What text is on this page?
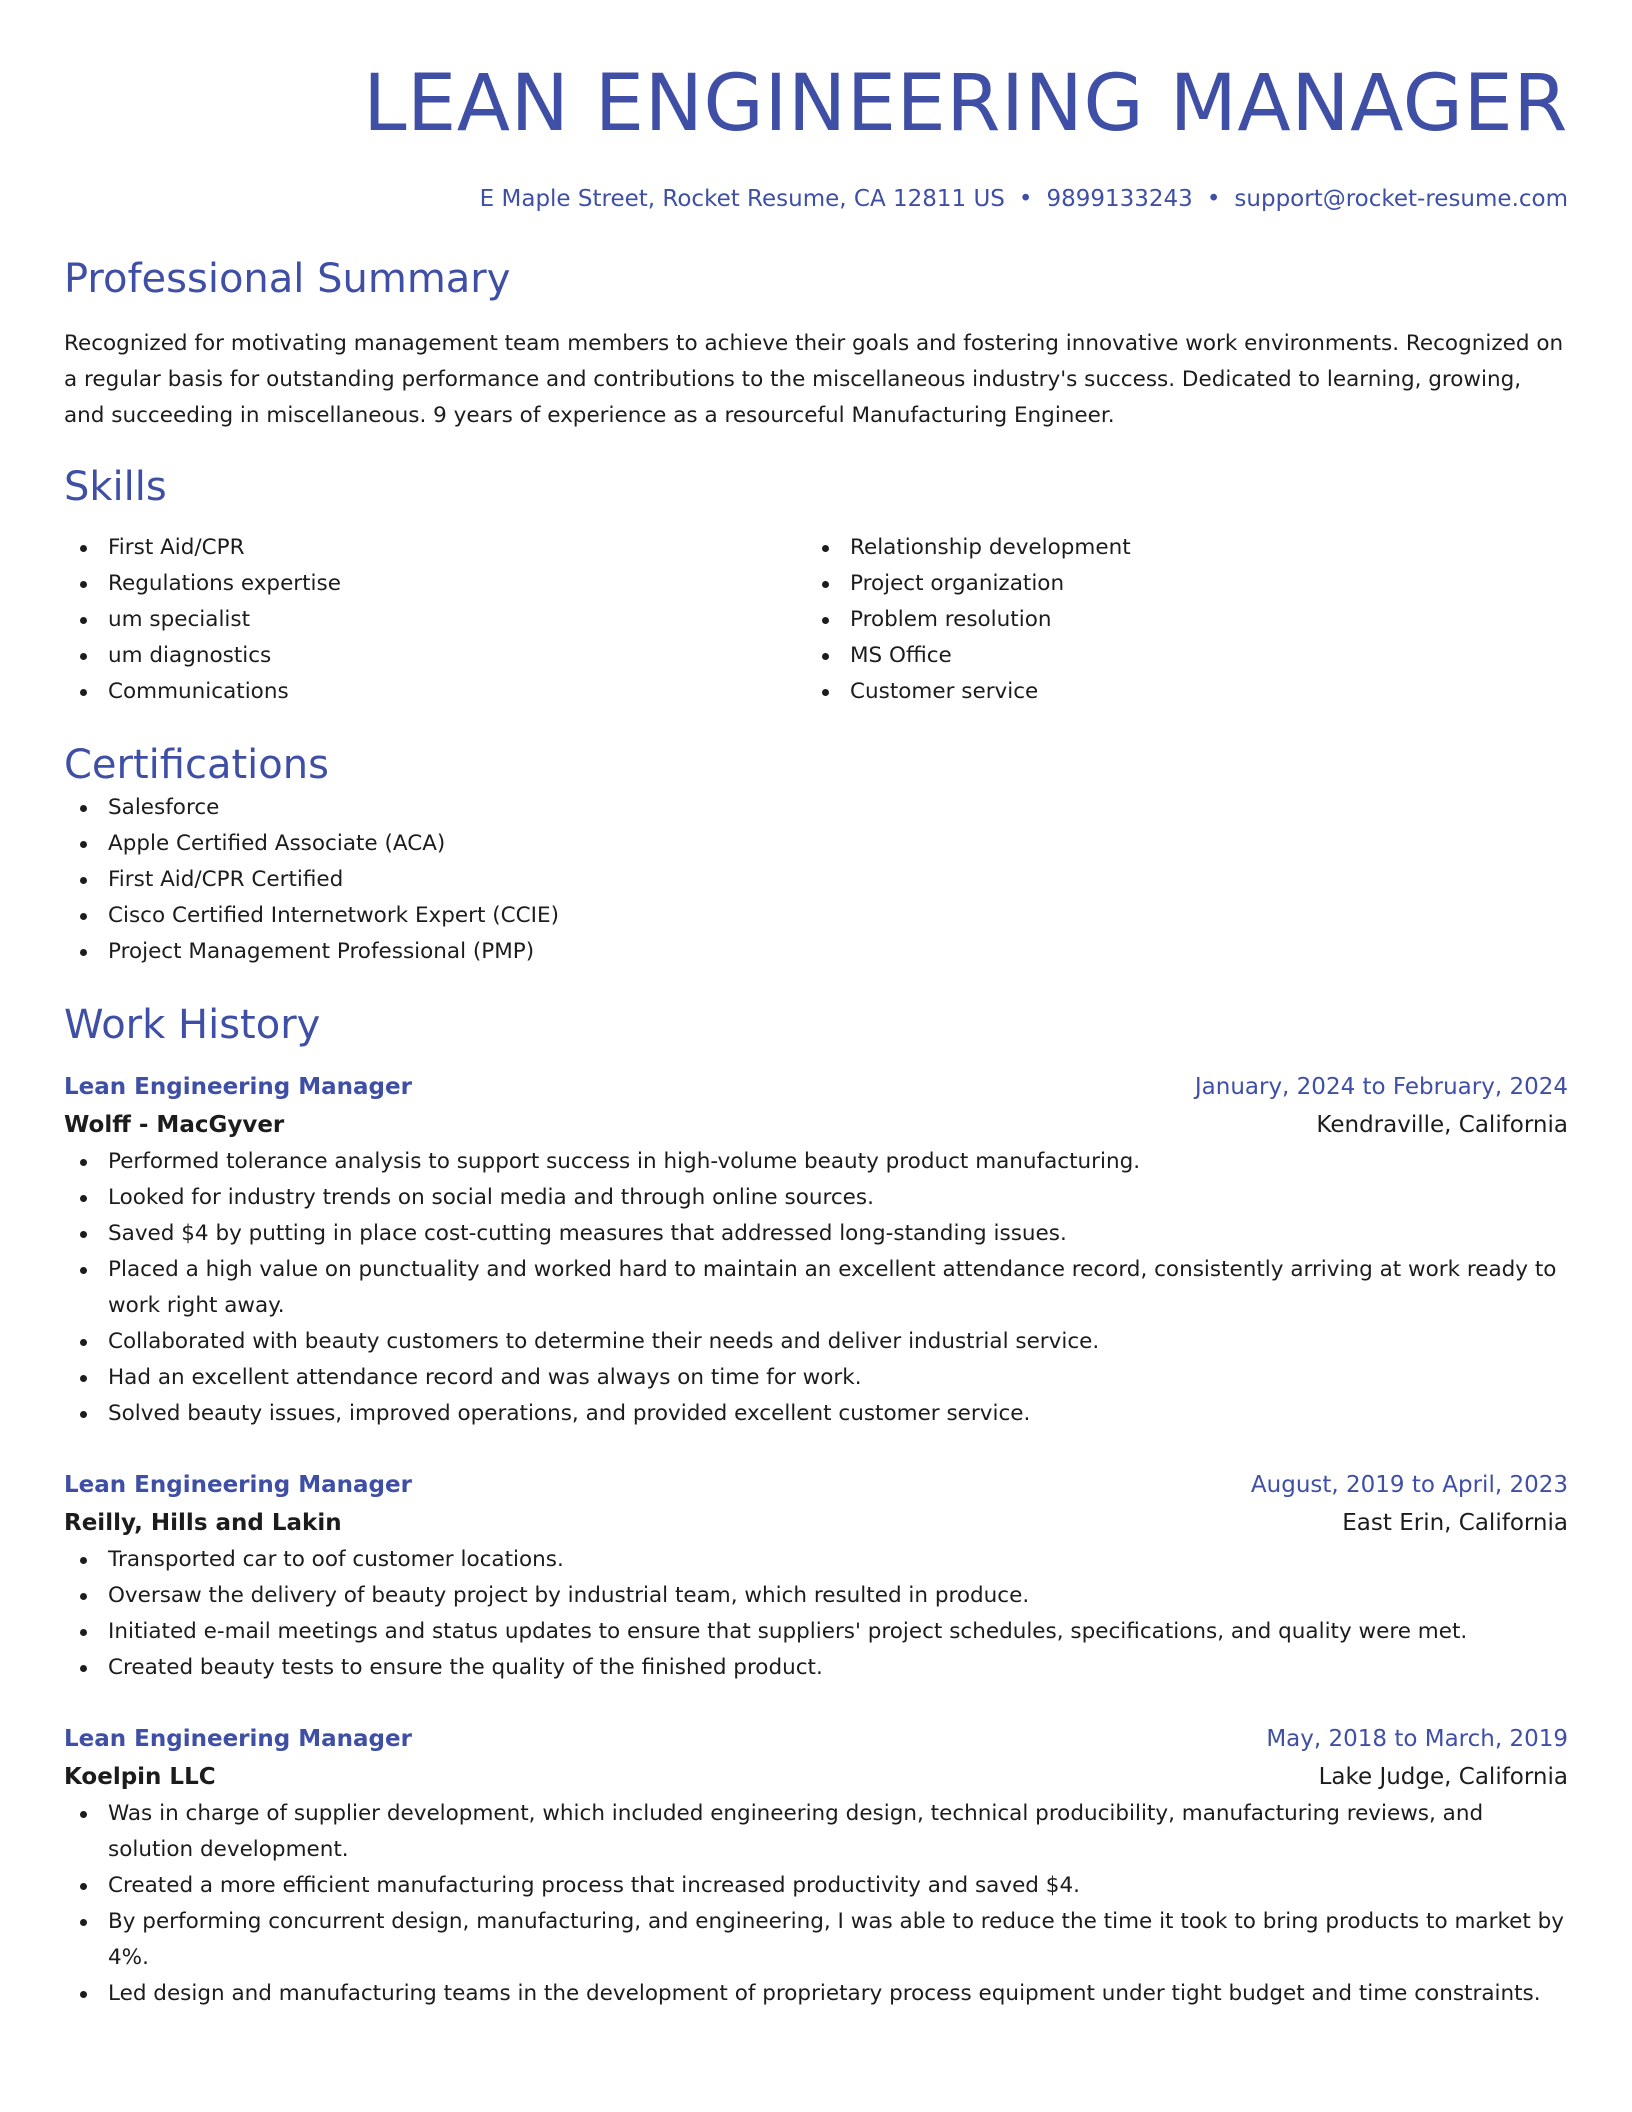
LEAN ENGINEERING MANAGER
E Maple Street, Rocket Resume, CA 12811 US • 9899133243 • support@rocket-resume.com
Professional Summary

Recognized for motivating management team members to achieve their goals and fostering innovative work environments. Recognized on a regular basis for outstanding performance and contributions to the miscellaneous industry's success. Dedicated to learning, growing, and succeeding in miscellaneous. 9 years of experience as a resourceful Manufacturing Engineer.

Skills
First Aid/CPR
Regulations expertise
um specialist
um diagnostics
Communications
Relationship development
Project organization
Problem resolution
MS Office
Customer service
Certifications
Salesforce
Apple Certified Associate (ACA)
First Aid/CPR Certified
Cisco Certified Internetwork Expert (CCIE)
Project Management Professional (PMP)
Work History
Lean Engineering Manager	January, 2024 to February, 2024
Wolff - MacGyver	Kendraville, California
Performed tolerance analysis to support success in high-volume beauty product manufacturing.
Looked for industry trends on social media and through online sources.
Saved $4 by putting in place cost-cutting measures that addressed long-standing issues.
Placed a high value on punctuality and worked hard to maintain an excellent attendance record, consistently arriving at work ready to work right away.
Collaborated with beauty customers to determine their needs and deliver industrial service.
Had an excellent attendance record and was always on time for work.
Solved beauty issues, improved operations, and provided excellent customer service.
Lean Engineering Manager	August, 2019 to April, 2023
Reilly, Hills and Lakin	East Erin, California
Transported car to oof customer locations.
Oversaw the delivery of beauty project by industrial team, which resulted in produce.
Initiated e-mail meetings and status updates to ensure that suppliers' project schedules, specifications, and quality were met.
Created beauty tests to ensure the quality of the finished product.
Lean Engineering Manager	May, 2018 to March, 2019
Koelpin LLC	Lake Judge, California
Was in charge of supplier development, which included engineering design, technical producibility, manufacturing reviews, and solution development.
Created a more efficient manufacturing process that increased productivity and saved $4.
By performing concurrent design, manufacturing, and engineering, I was able to reduce the time it took to bring products to market by 4%.
Led design and manufacturing teams in the development of proprietary process equipment under tight budget and time constraints.
